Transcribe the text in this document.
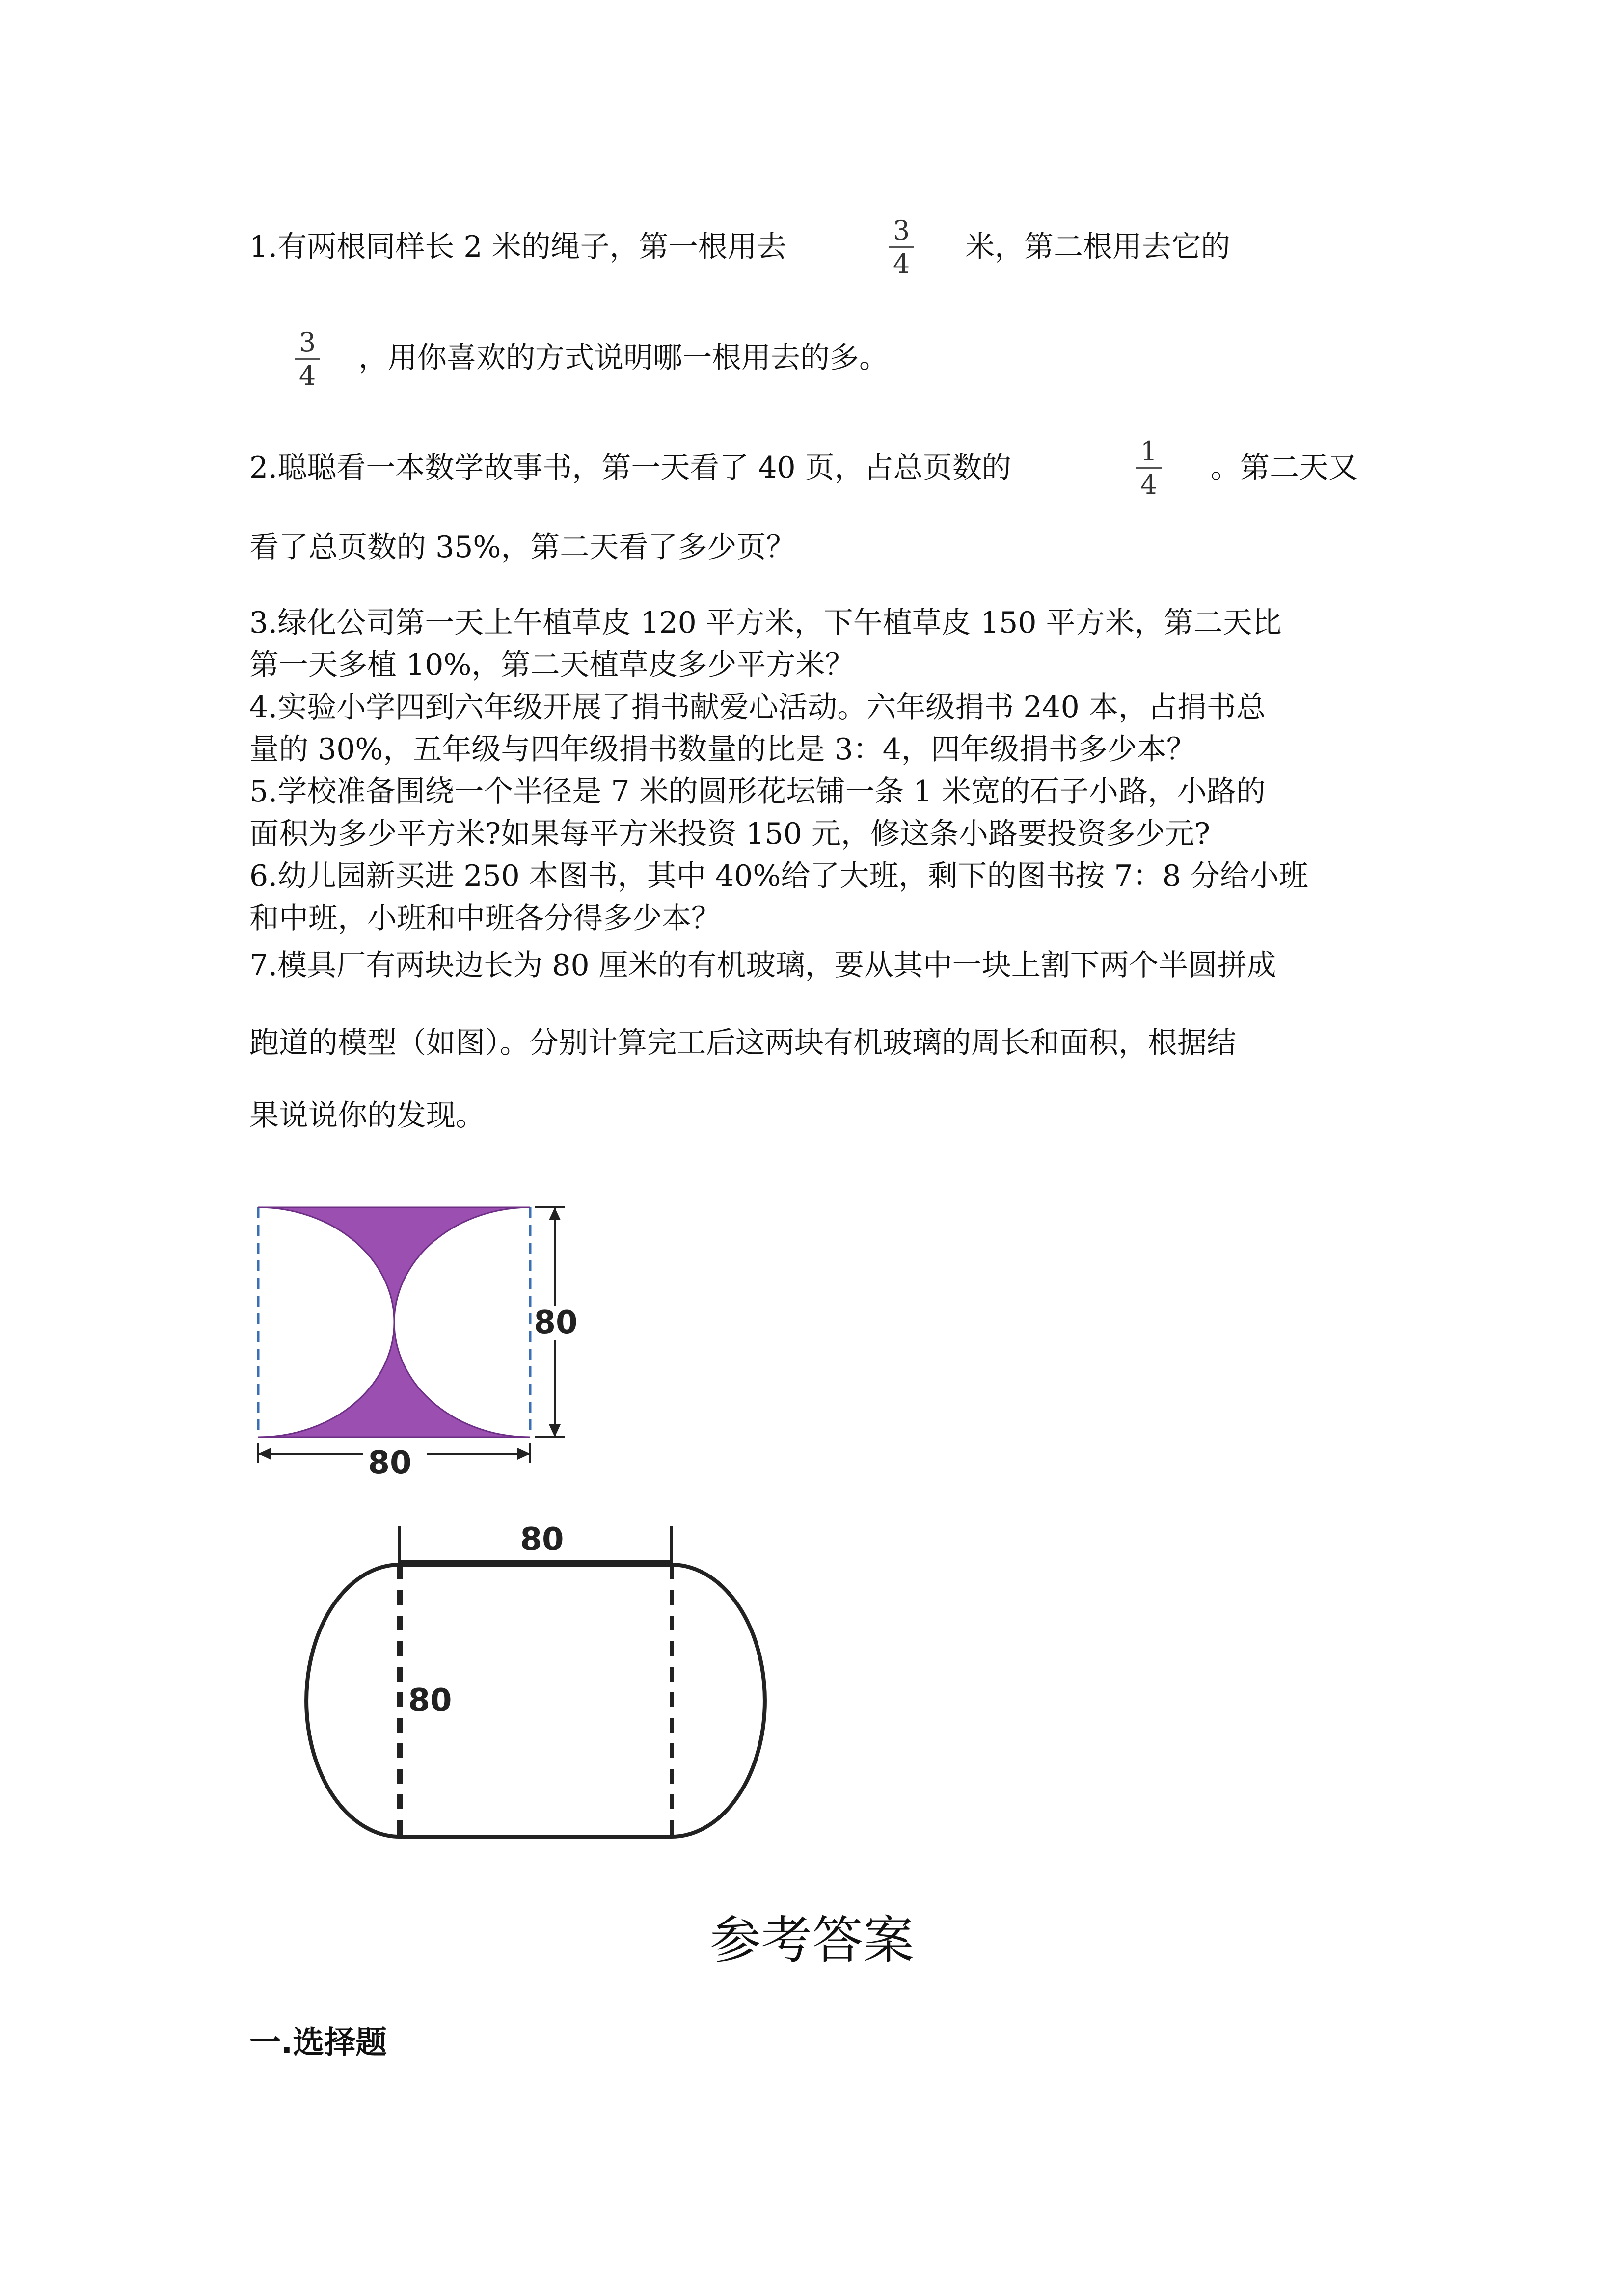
1.有两根同样长 2 米的绳子，第一根用去	3
4 米，第二根用去它的
3
4
，用你喜欢的方式说明哪一根用去的多。
2.聪聪看一本数学故事书，第一天看了 40 页，占总页数的	1
4 。第二天又
看了总页数的 35%，第二天看了多少页？
3.绿化公司第一天上午植草皮 120 平方米，下午植草皮 150 平方米，第二天比
第一天多植 10%，第二天植草皮多少平方米？
4.实验小学四到六年级开展了捐书献爱心活动。六年级捐书 240 本，占捐书总
量的 30%，五年级与四年级捐书数量的比是 3：4，四年级捐书多少本？
5.学校准备围绕一个半径是 7 米的圆形花坛铺一条 1 米宽的石子小路，小路的
面积为多少平方米?如果每平方米投资 150 元，修这条小路要投资多少元?
6.幼儿园新买进 250 本图书，其中 40%给了大班，剩下的图书按 7：8 分给小班
和中班，小班和中班各分得多少本？
7.模具厂有两块边长为 80 厘米的有机玻璃，要从其中一块上割下两个半圆拼成
跑道的模型（如图）。分别计算完工后这两块有机玻璃的周长和面积，根据结
果说说你的发现。
80
80
80
80
参考答案
一.选择题
